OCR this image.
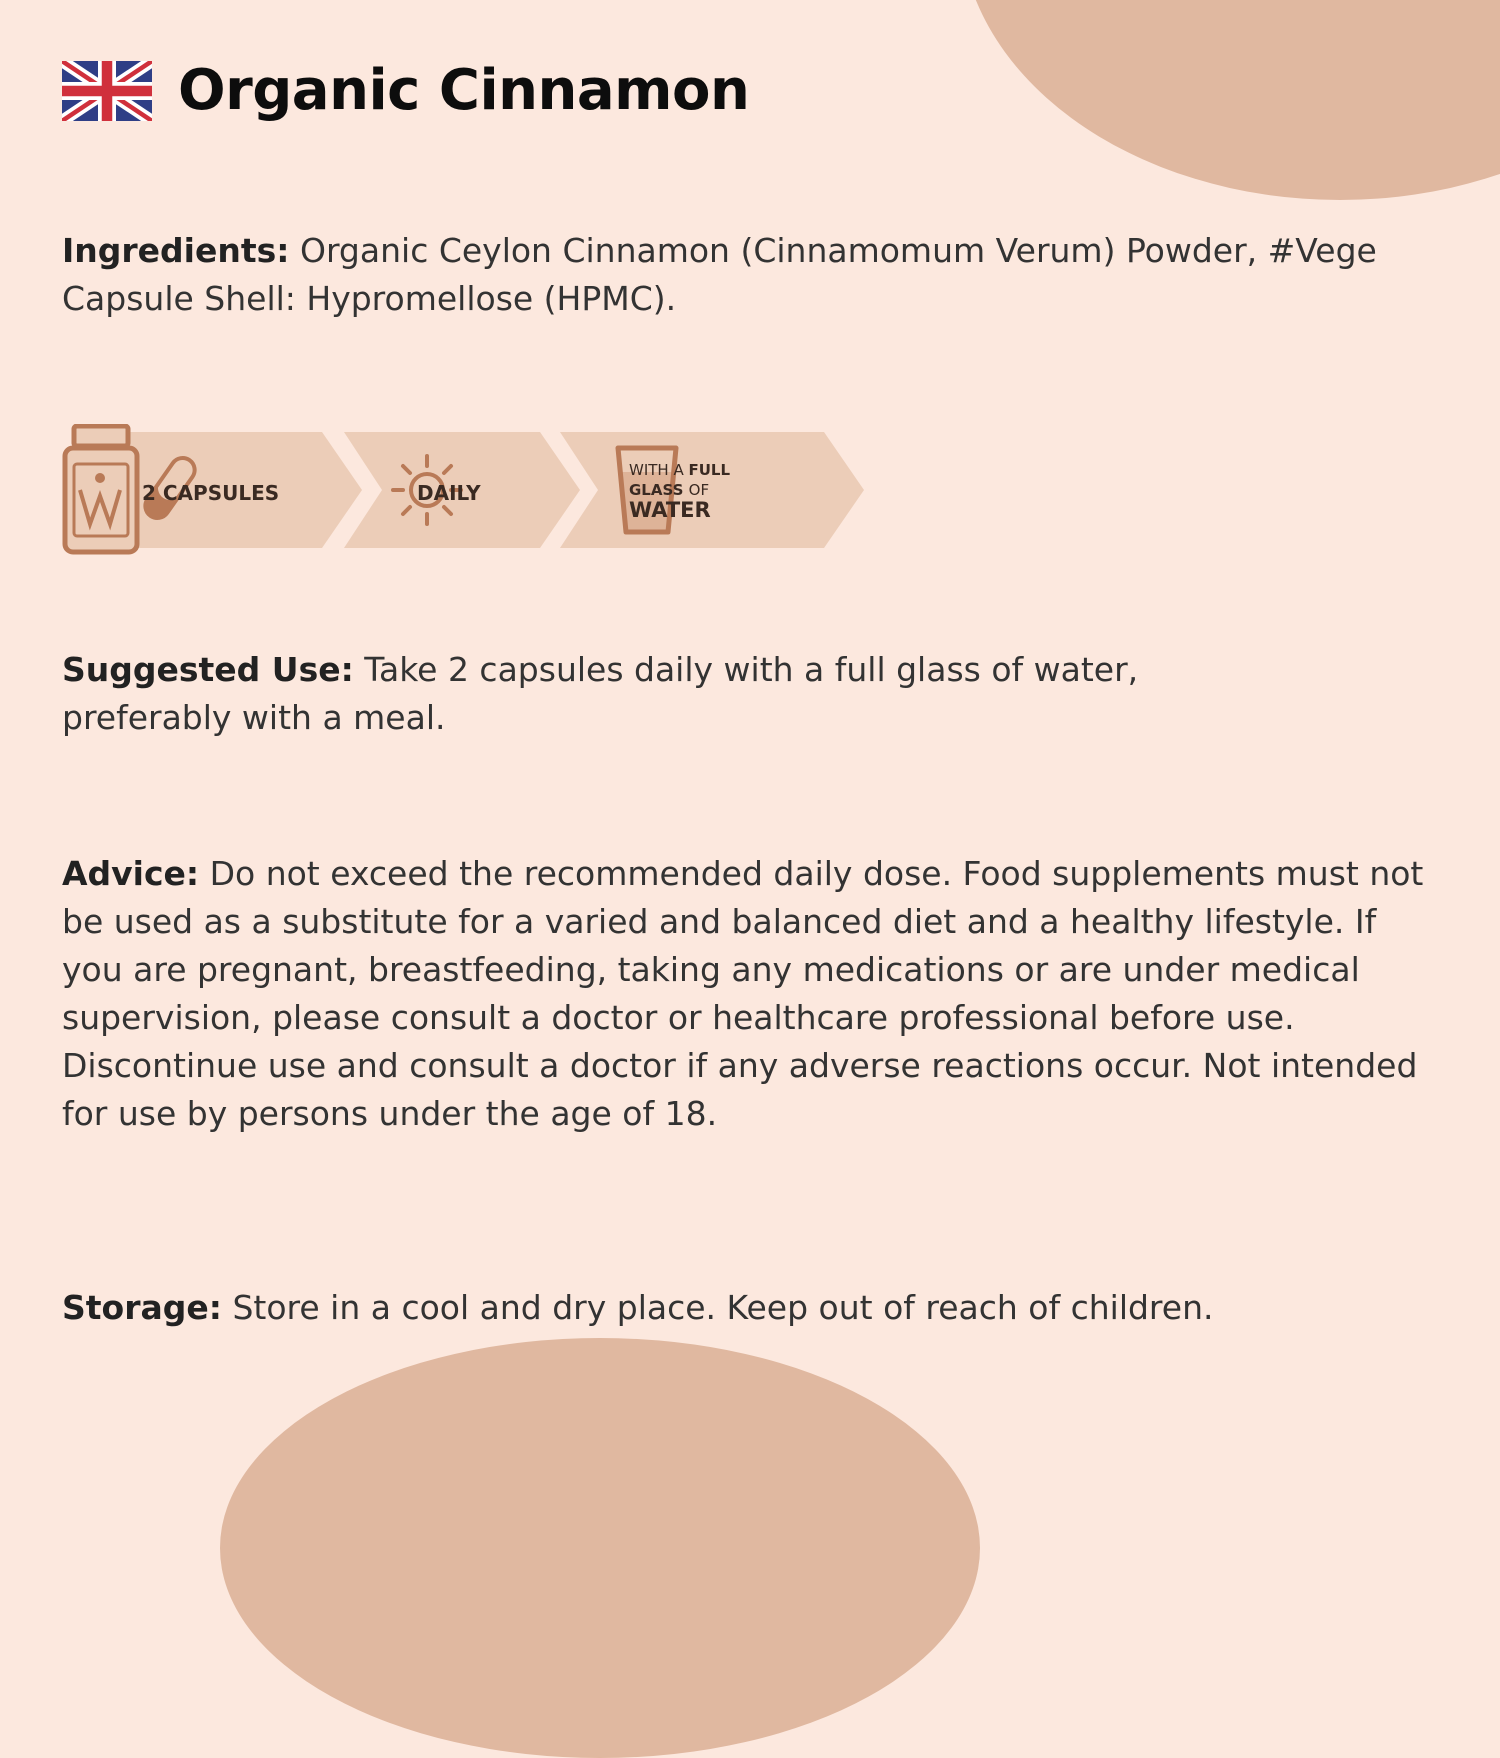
Organic Cinnamon
Ingredients: Organic Ceylon Cinnamon (Cinnamomum Verum) Powder, #Vege Capsule Shell: Hypromellose (HPMC).
2 CAPSULES	DAILY
WITH A FULL
GLASS OF
WATER
Suggested Use: Take 2 capsules daily with a full glass of water, preferably with a meal.
Advice: Do not exceed the recommended daily dose. Food supplements must not be used as a substitute for a varied and balanced diet and a healthy lifestyle. If you are pregnant, breastfeeding, taking any medications or are under medical supervision, please consult a doctor or healthcare professional before use. Discontinue use and consult a doctor if any adverse reactions occur. Not intended for use by persons under the age of 18.
Storage: Store in a cool and dry place. Keep out of reach of children.
